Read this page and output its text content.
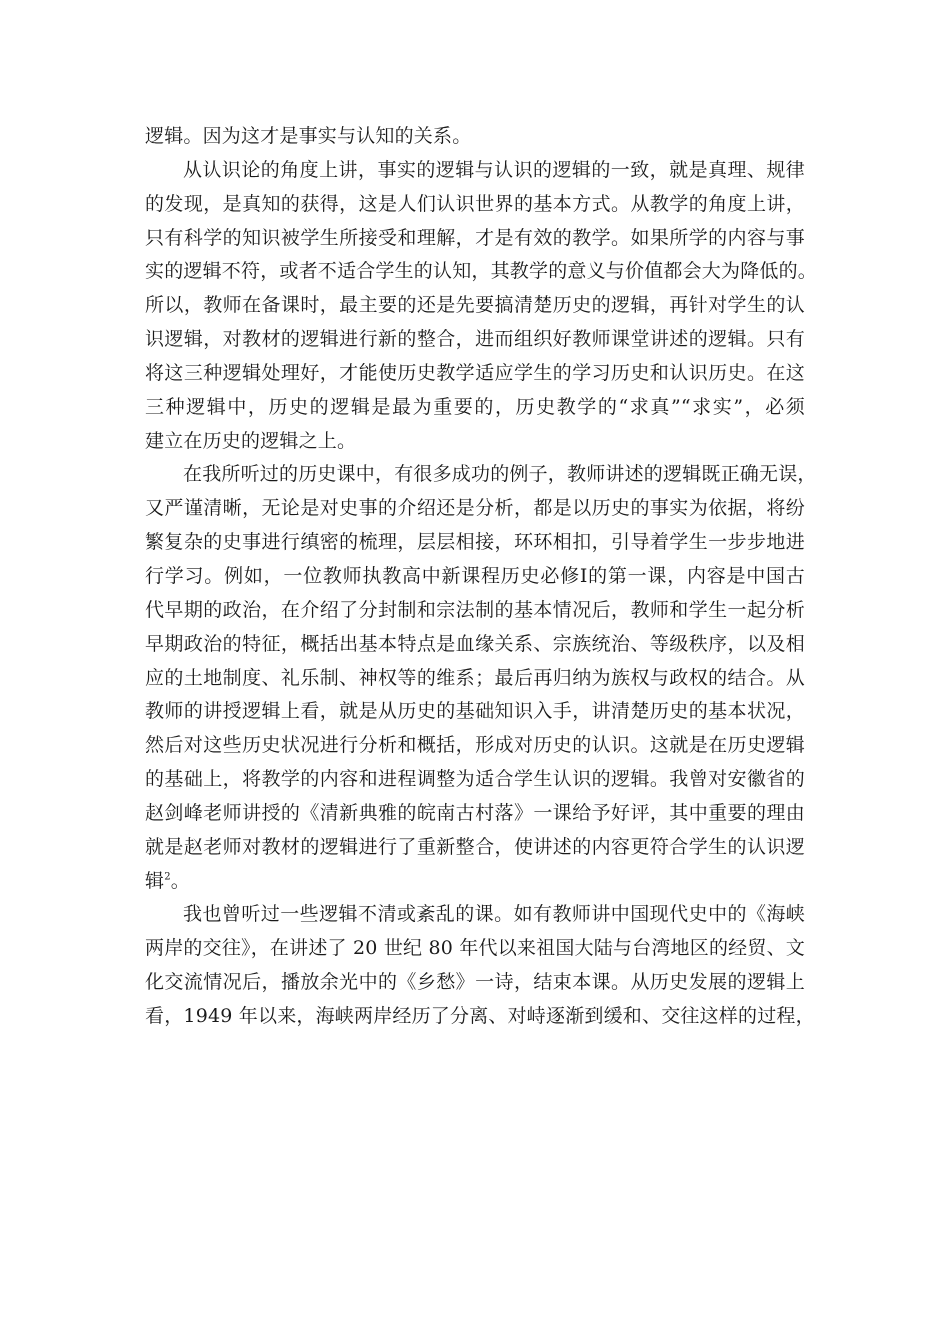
逻辑。因为这才是事实与认知的关系。

从认识论的角度上讲，事实的逻辑与认识的逻辑的一致，就是真理、规律
的发现，是真知的获得，这是人们认识世界的基本方式。从教学的角度上讲，
只有科学的知识被学生所接受和理解，才是有效的教学。如果所学的内容与事
实的逻辑不符，或者不适合学生的认知，其教学的意义与价值都会大为降低的。
所以，教师在备课时，最主要的还是先要搞清楚历史的逻辑，再针对学生的认
识逻辑，对教材的逻辑进行新的整合，进而组织好教师课堂讲述的逻辑。只有
将这三种逻辑处理好，才能使历史教学适应学生的学习历史和认识历史。在这
三种逻辑中，历史的逻辑是最为重要的，历史教学的“求真”“求实”，必须
建立在历史的逻辑之上。

在我所听过的历史课中，有很多成功的例子，教师讲述的逻辑既正确无误，
又严谨清晰，无论是对史事的介绍还是分析，都是以历史的事实为依据，将纷
繁复杂的史事进行缜密的梳理，层层相接，环环相扣，引导着学生一步步地进
行学习。例如，一位教师执教高中新课程历史必修Ⅰ的第一课，内容是中国古
代早期的政治，在介绍了分封制和宗法制的基本情况后，教师和学生一起分析
早期政治的特征，概括出基本特点是血缘关系、宗族统治、等级秩序，以及相
应的土地制度、礼乐制、神权等的维系；最后再归纳为族权与政权的结合。从
教师的讲授逻辑上看，就是从历史的基础知识入手，讲清楚历史的基本状况，
然后对这些历史状况进行分析和概括，形成对历史的认识。这就是在历史逻辑
的基础上，将教学的内容和进程调整为适合学生认识的逻辑。我曾对安徽省的
赵剑峰老师讲授的《清新典雅的皖南古村落》一课给予好评，其中重要的理由
就是赵老师对教材的逻辑进行了重新整合，使讲述的内容更符合学生的认识逻
辑$^2$。

我也曾听过一些逻辑不清或紊乱的课。如有教师讲中国现代史中的《海峡
两岸的交往》，在讲述了 20 世纪 80 年代以来祖国大陆与台湾地区的经贸、文
化交流情况后，播放余光中的《乡愁》一诗，结束本课。从历史发展的逻辑上
看，1949 年以来，海峡两岸经历了分离、对峙逐渐到缓和、交往这样的过程，
